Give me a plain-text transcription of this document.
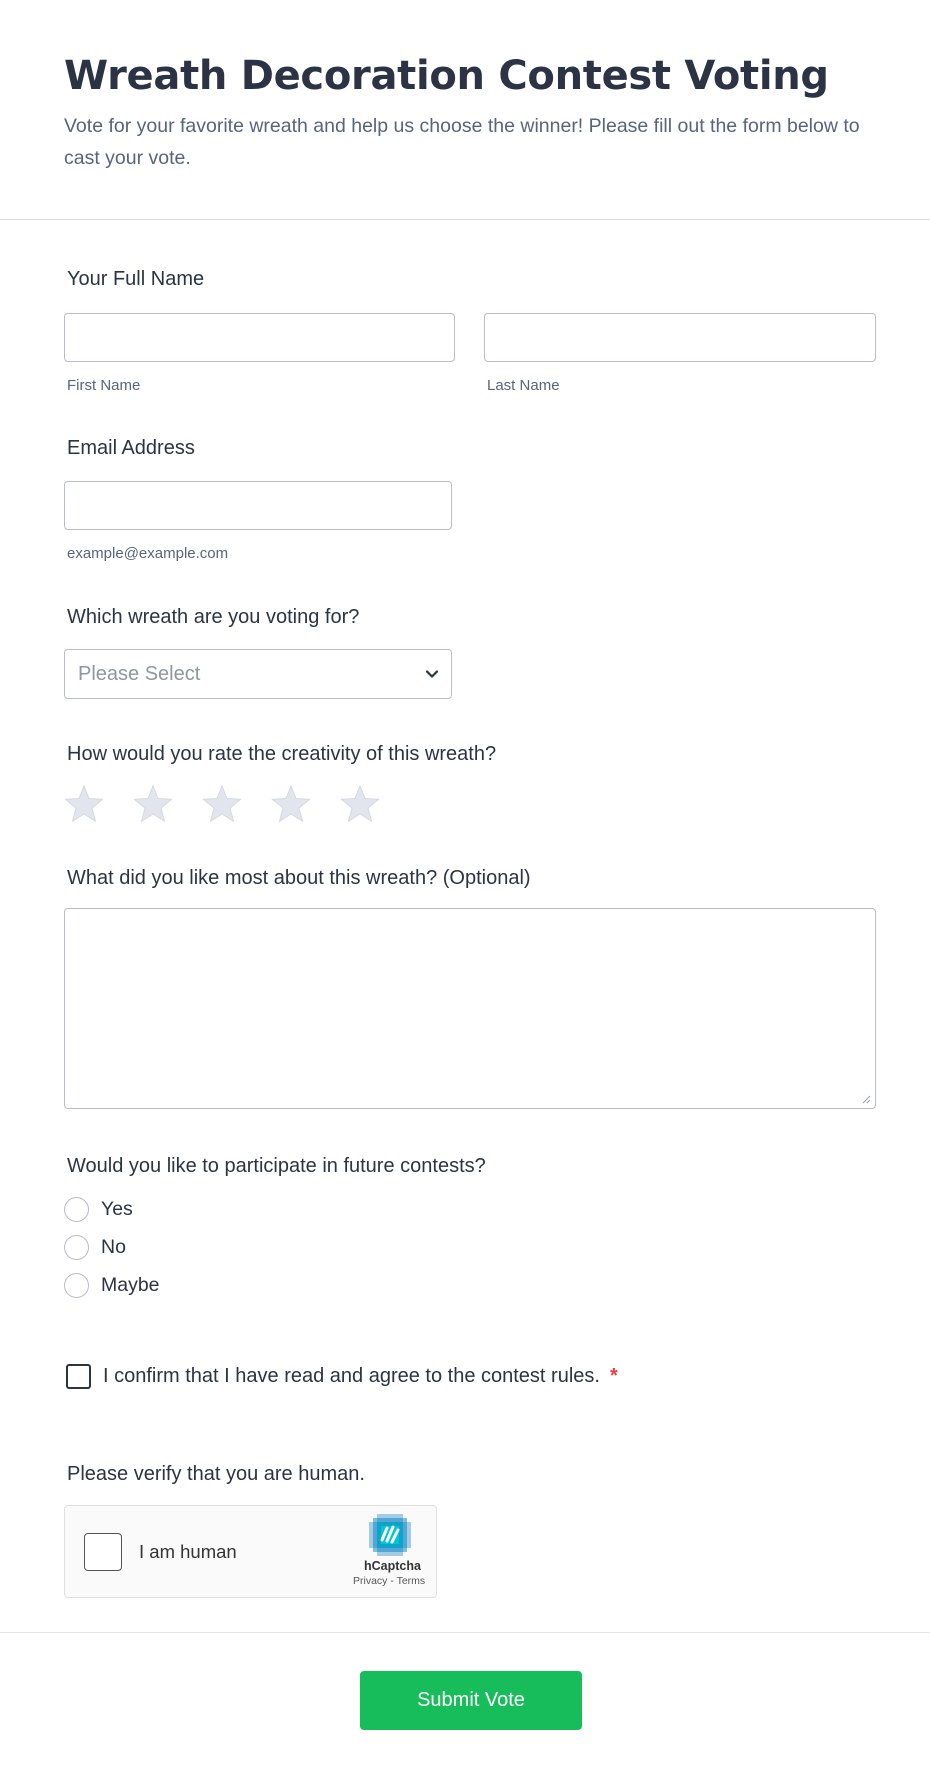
Wreath Decoration Contest Voting
Vote for your favorite wreath and help us choose the winner! Please fill out the form below to cast your vote.
Your Full Name
First Name	Last Name
Email Address
example@example.com
Which wreath are you voting for?
Please Select
How would you rate the creativity of this wreath?
What did you like most about this wreath? (Optional)
Would you like to participate in future contests?
Yes
No
Maybe
I confirm that I have read and agree to the contest rules. *
Please verify that you are human.
I am human
hCaptcha
Privacy - Terms
Submit Vote
